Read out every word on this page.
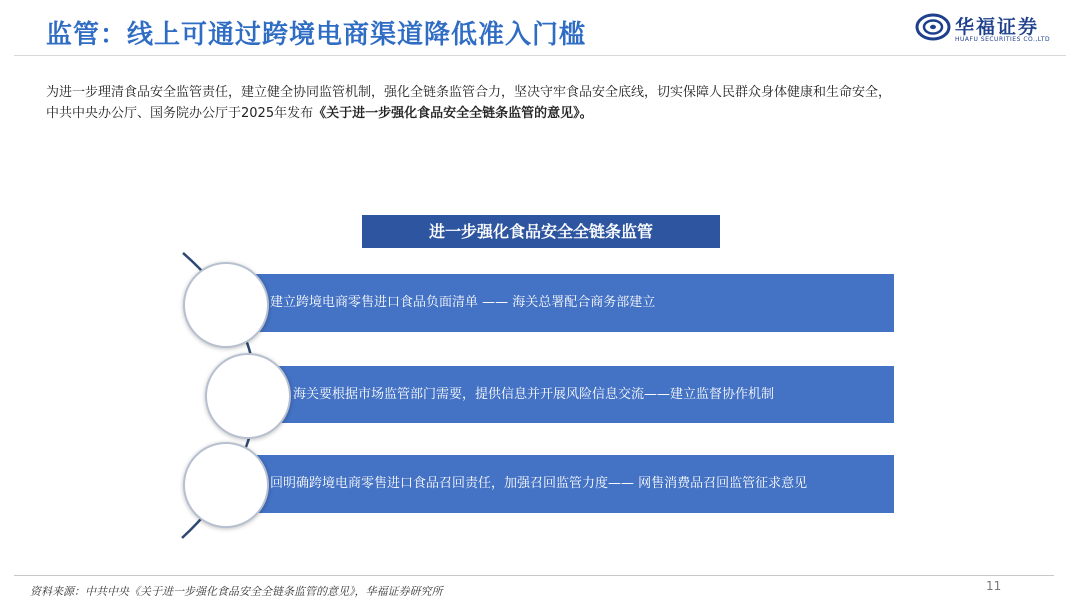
监管：线上可通过跨境电商渠道降低准入门槛	华福证券
HUAFU SECURITIES CO.,LTD
为进一步理清食品安全监管责任，建立健全协同监管机制，强化全链条监管合力，坚决守牢食品安全底线，切实保障人民群众身体健康和生命安全，
中共中央办公厅、国务院办公厅于2025年发布《关于进一步强化食品安全全链条监管的意见》。
进一步强化食品安全全链条监管
建立跨境电商零售进口食品负面清单 —— 海关总署配合商务部建立
海关要根据市场监管部门需要，提供信息并开展风险信息交流——建立监督协作机制
回明确跨境电商零售进口食品召回责任，加强召回监管力度—— 网售消费品召回监管征求意见
资料来源：中共中央《关于进一步强化食品安全全链条监管的意见》，华福证券研究所	11
